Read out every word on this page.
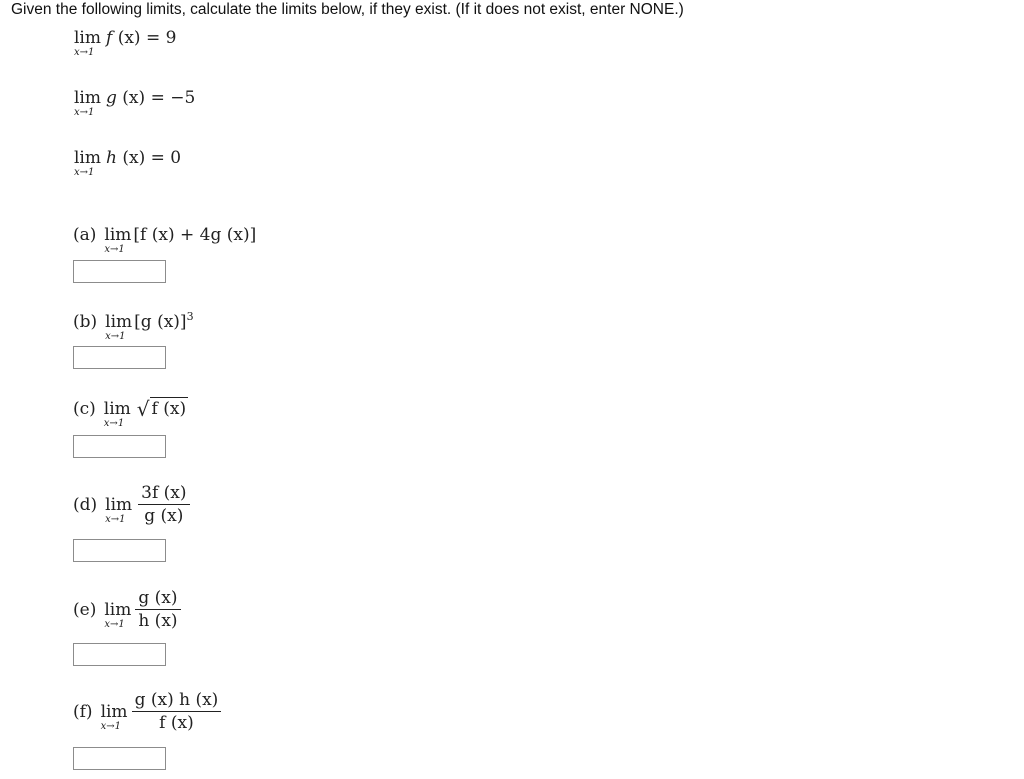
Given the following limits, calculate the limits below, if they exist. (If it does not exist, enter NONE.)
lim
x→1
f (x) = 9
lim
x→1
g (x) = −5
lim
x→1
h (x) = 0
(a) lim
x→1
[f (x) + 4g (x)]
(b) lim
x→1
[g (x)]$^3$
(c) lim
x→1
√ f (x)
(d) lim
$x\to 1 \frac{3f (x)}{g (x)}$
(e) lim
$x\to 1 \frac{g (x)}{h (x)}$
(f) lim
$x\to 1 \frac{g (x) h (x)}{f (x)}$
